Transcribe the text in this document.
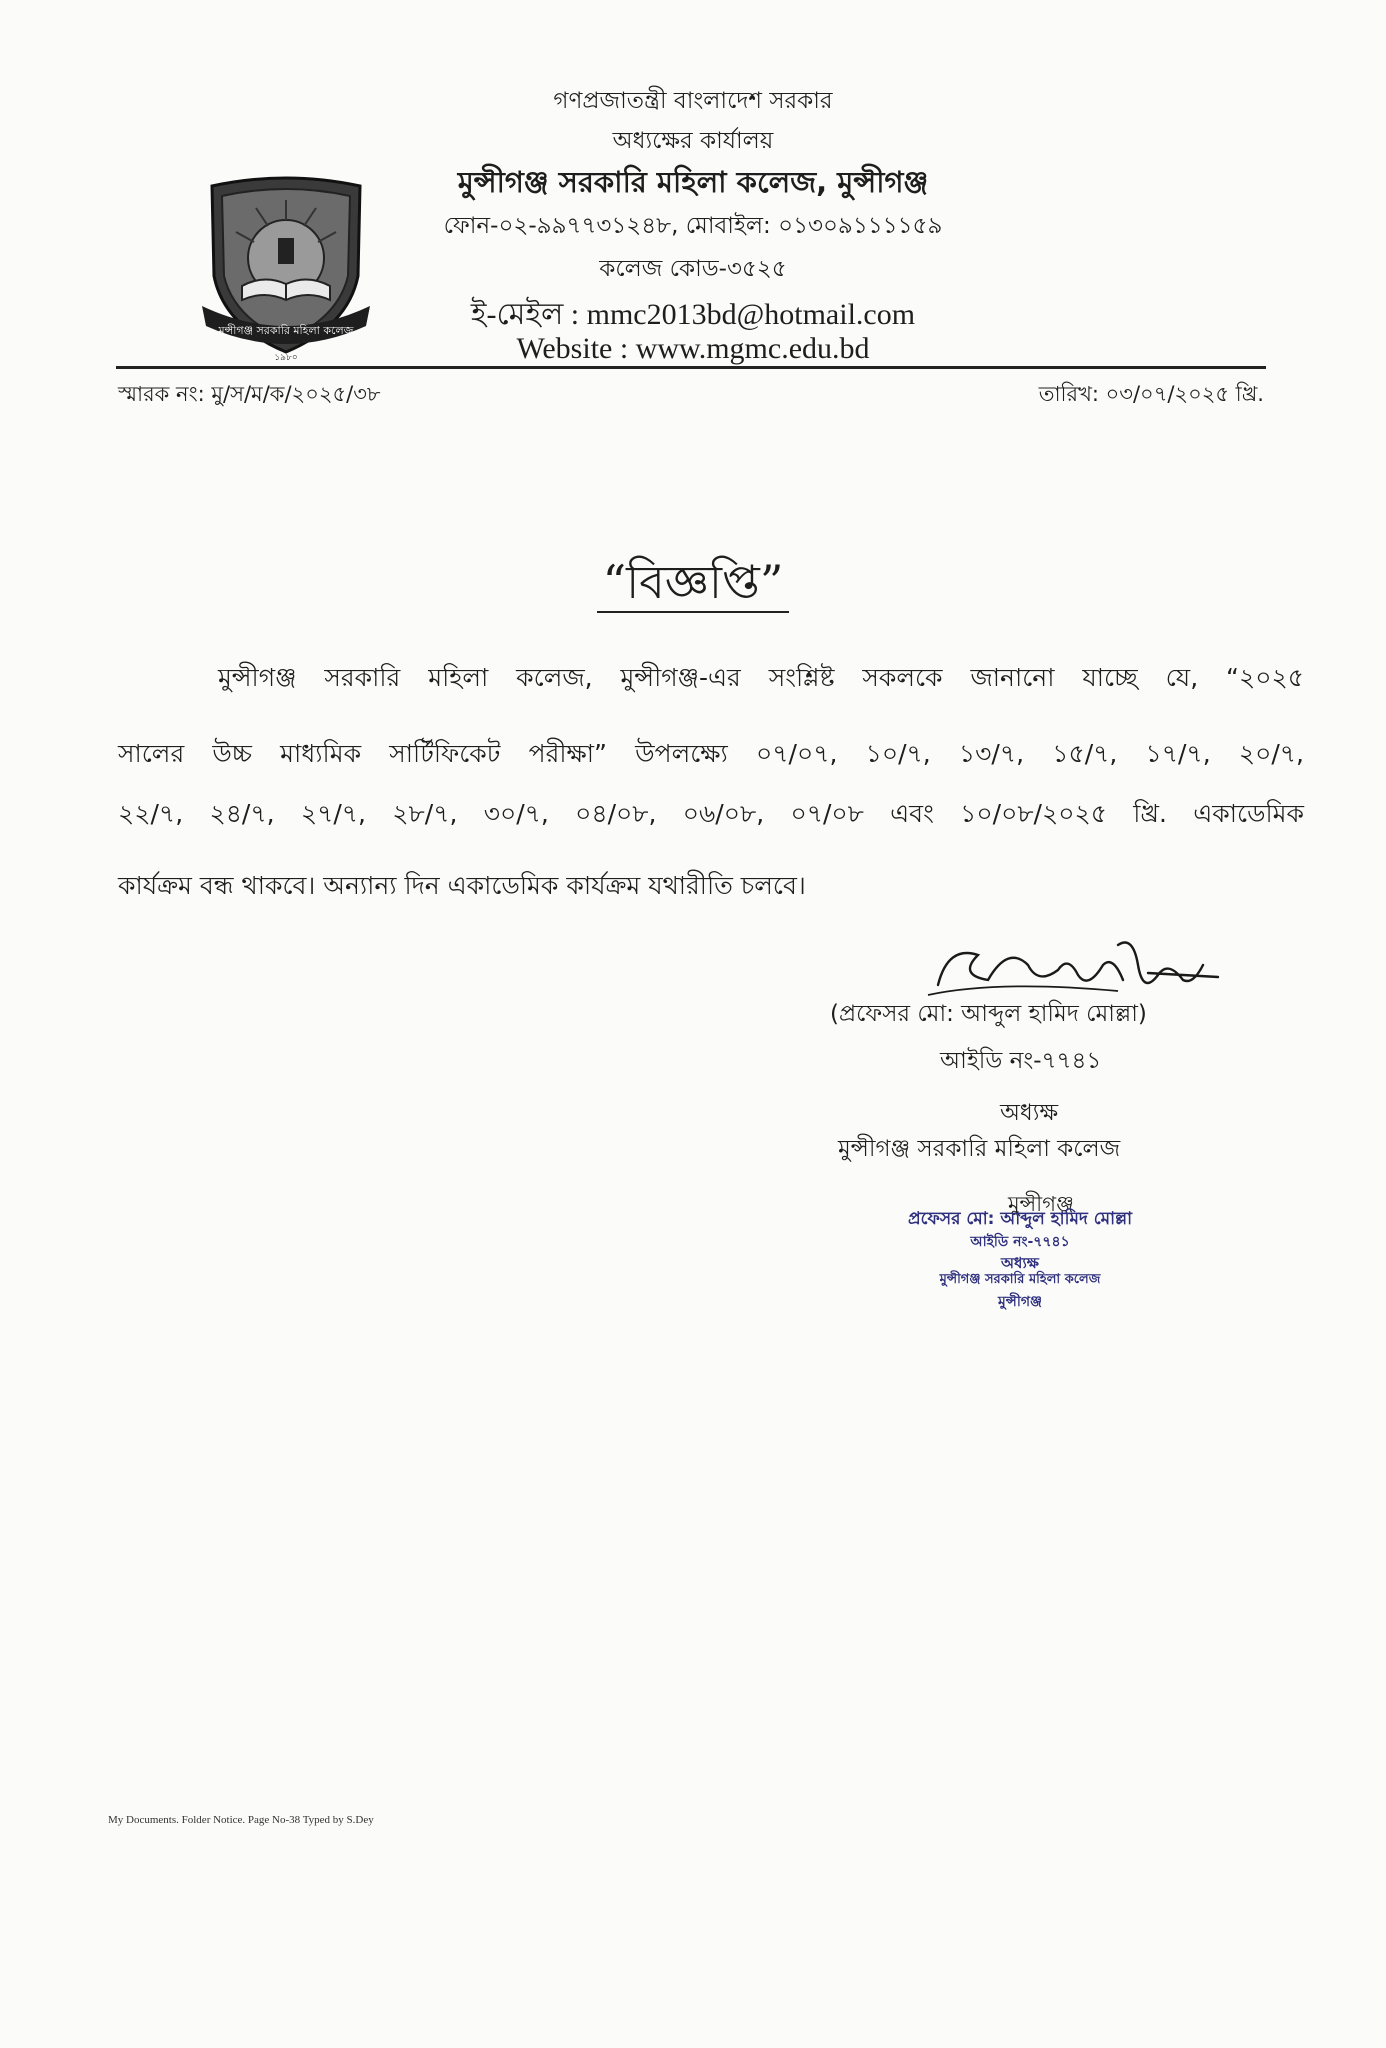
গণপ্রজাতন্ত্রী বাংলাদেশ সরকার
অধ্যক্ষের কার্যালয়
মুন্সীগঞ্জ সরকারি মহিলা কলেজ, মুন্সীগঞ্জ
ফোন-০২-৯৯৭৭৩১২৪৮, মোবাইল: ০১৩০৯১১১১৫৯
কলেজ কোড-৩৫২৫
ই-মেইল : mmc2013bd@hotmail.com
Website : www.mgmc.edu.bd
মুন্সীগঞ্জ সরকারি মহিলা কলেজ
১৯৮০
স্মারক নং: মু/স/ম/ক/২০২৫/৩৮	তারিখ: ০৩/০৭/২০২৫ খ্রি.
“বিজ্ঞপ্তি”
মুন্সীগঞ্জ সরকারি মহিলা কলেজ, মুন্সীগঞ্জ-এর সংশ্লিষ্ট সকলকে জানানো যাচ্ছে যে, “২০২৫
সালের উচ্চ মাধ্যমিক সার্টিফিকেট পরীক্ষা” উপলক্ষ্যে ০৭/০৭, ১০/৭, ১৩/৭, ১৫/৭, ১৭/৭, ২০/৭,
২২/৭, ২৪/৭, ২৭/৭, ২৮/৭, ৩০/৭, ০৪/০৮, ০৬/০৮, ০৭/০৮ এবং ১০/০৮/২০২৫ খ্রি. একাডেমিক
কার্যক্রম বন্ধ থাকবে। অন্যান্য দিন একাডেমিক কার্যক্রম যথারীতি চলবে।
(প্রফেসর মো: আব্দুল হামিদ মোল্লা)
আইডি নং-৭৭৪১
অধ্যক্ষ
মুন্সীগঞ্জ সরকারি মহিলা কলেজ
মুন্সীগঞ্জ
প্রফেসর মো: আব্দুল হামিদ মোল্লা
আইডি নং-৭৭৪১
অধ্যক্ষ
মুন্সীগঞ্জ সরকারি মহিলা কলেজ
মুন্সীগঞ্জ
My Documents. Folder Notice. Page No-38 Typed by S.Dey
